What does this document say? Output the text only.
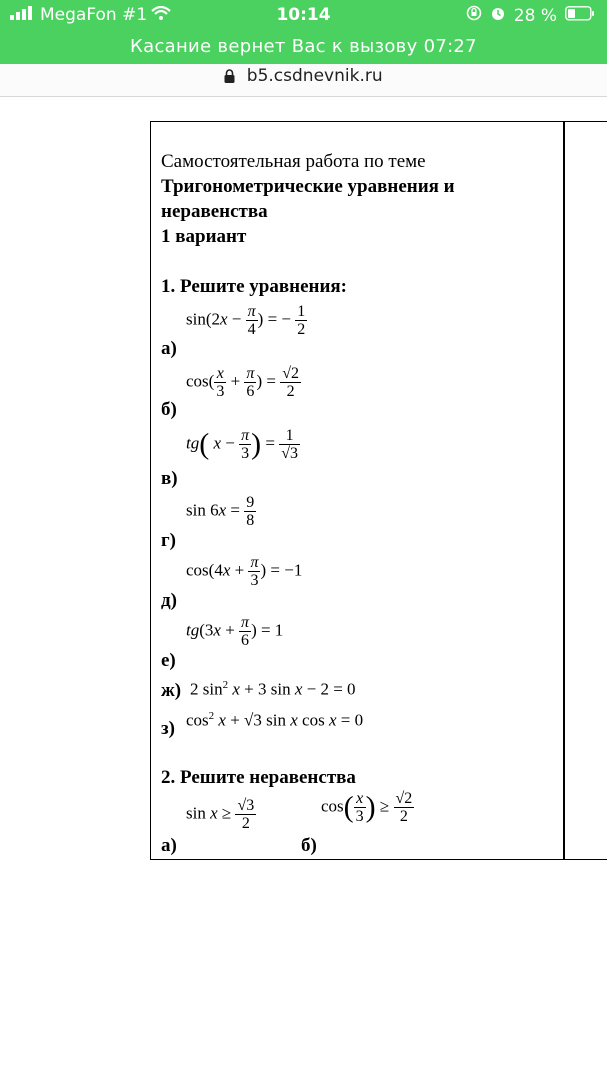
MegaFon #1	10:14	28 %
Касание вернет Вас к вызову 07:27
b5.csdnevnik.ru
Самостоятельная работа по теме
Тригонометрические уравнения и
неравенства
1 вариант
1. Решите уравнения:
а)
$\sin(2x - \frac{\pi}{4}$ ) = − $\frac{1}{2}$
б)
$\cos( \frac{x}{3} + \frac{\pi}{6}$ ) = $\frac{√2}{2}$
в)
tg( $x - \frac{\pi}{3}$ ) = $\frac{1}{√3}$
г)
$\sin 6x = \frac{9}{8}$
д)
$\cos(4x + \frac{\pi}{3}$ ) = −1
е)
$tg(3x + \frac{\pi}{6}$ ) = 1
ж) 2 $\sin^2 x + 3$ sin x − 2 = 0
з) $\cos^2 x + √3$ sin x cos x = 0
2. Решите неравенства
а)
$\sin x \ge \frac{√3}{2}$
б)
$\cos( \frac{x}{3}$ ) ≥ $\frac{√2}{2}$
